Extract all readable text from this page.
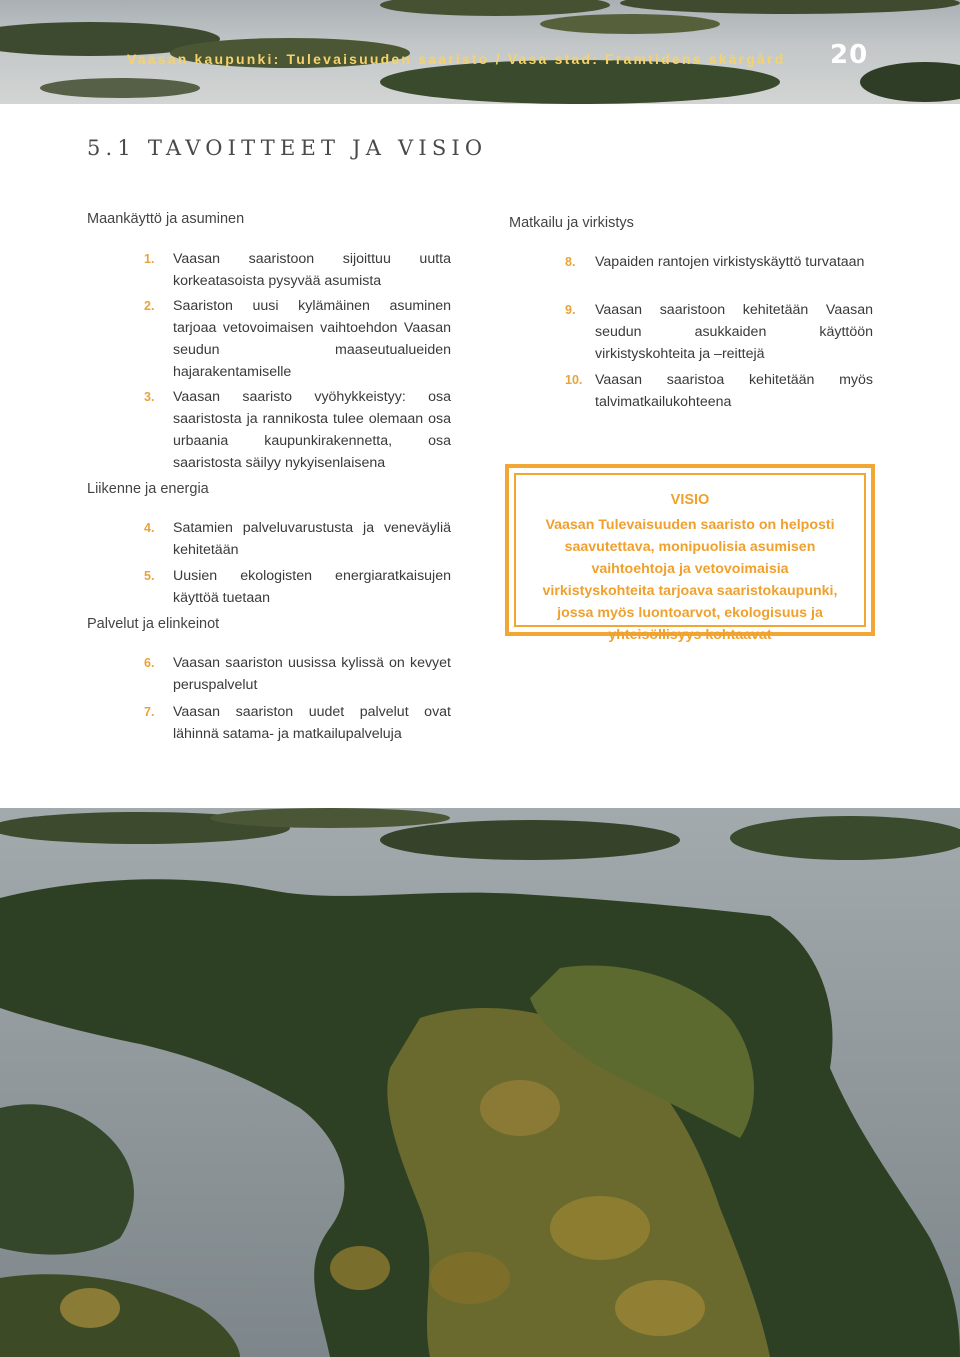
Vaasan kaupunki: Tulevaisuuden saaristo / Vasa stad: Framtidens skärgård 20
5.1 TAVOITTEET JA VISIO
Maankäyttö ja asuminen
1. Vaasan saaristoon sijoittuu uutta korkeatasoista pysyvää asumista
2. Saariston uusi kylämäinen asuminen tarjoaa vetovoimaisen vaihtoehdon Vaasan seudun maaseutualueiden hajarakentamiselle
3. Vaasan saaristo vyöhykkeistyy: osa saaristosta ja rannikosta tulee olemaan osa urbaania kaupunkirakennetta, osa saaristosta säilyy nykyisenlaisena
Liikenne ja energia
4. Satamien palveluvarustusta ja veneväyliä kehitetään
5. Uusien ekologisten energiaratkaisujen käyttöä tuetaan
Palvelut ja elinkeinot
6. Vaasan saariston uusissa kylissä on kevyet peruspalvelut
7. Vaasan saariston uudet palvelut ovat lähinnä satama- ja matkailupalveluja
Matkailu ja virkistys
8. Vapaiden rantojen virkistyskäyttö turvataan
9. Vaasan saaristoon kehitetään Vaasan seudun asukkaiden käyttöön virkistyskohteita ja –reittejä
10. Vaasan saaristoa kehitetään myös talvimatkailukohteena
VISIO
Vaasan Tulevaisuuden saaristo on helposti saavutettava, monipuolisia asumisen vaihtoehtoja ja vetovoimaisia virkistyskohteita tarjoava saaristokaupunki, jossa myös luontoarvot, ekologisuus ja yhteisöllisyys kohtaavat
